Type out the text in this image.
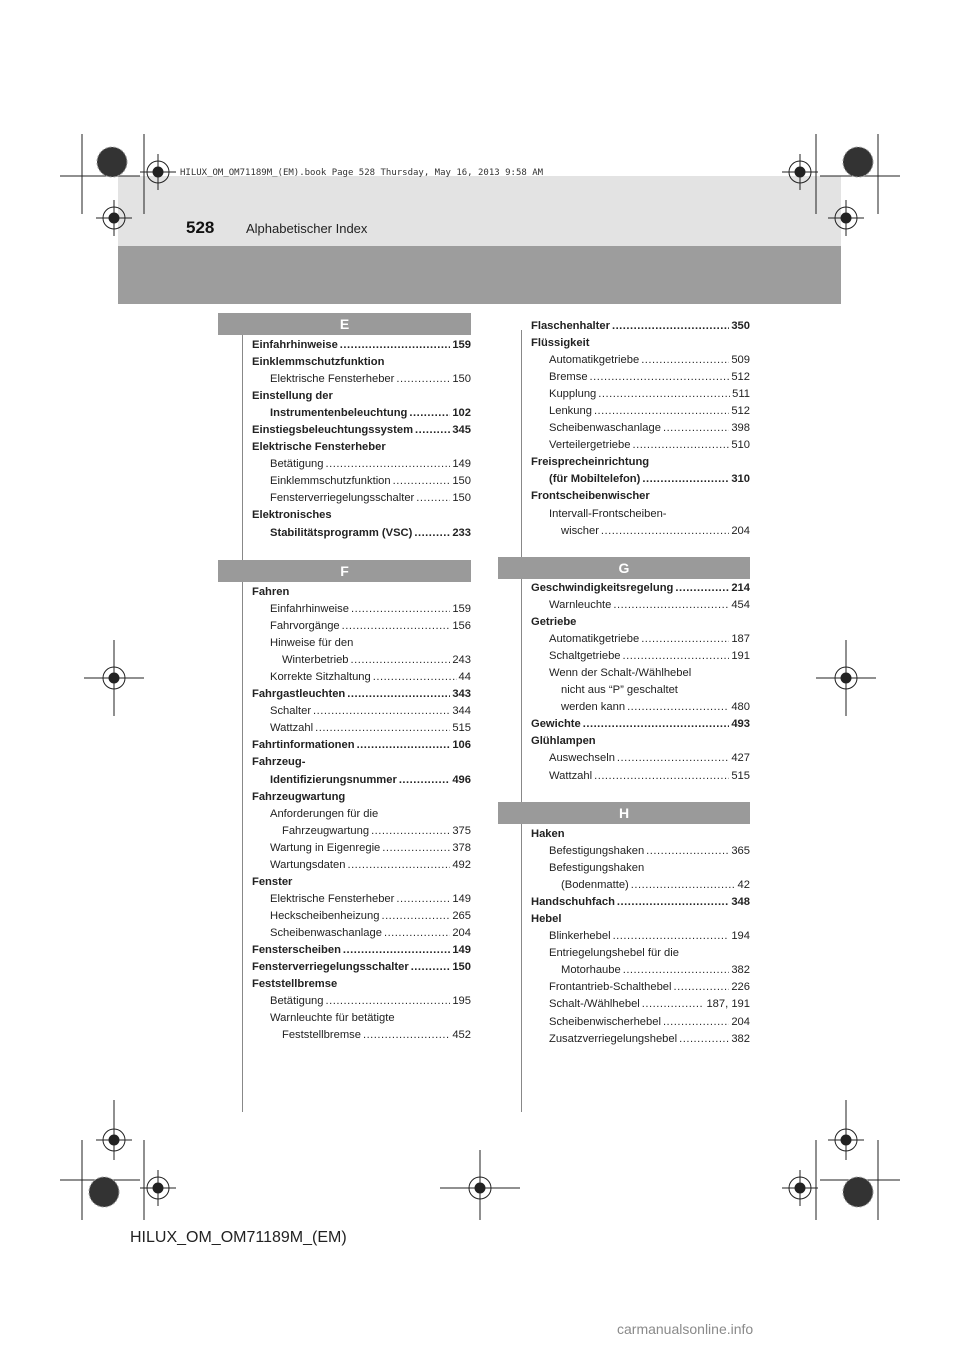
528 Alphabetischer Index
HILUX_OM_OM71189M_(EM).book Page 528 Thursday, May 16, 2013 9:58 AM
E
Einfahrhinweise .....	159
Einklemmschutzfunktion
Elektrische Fensterheber .....	150
Einstellung der
Instrumentenbeleuchtung .....	102
Einstiegsbeleuchtungssystem .....	345
Elektrische Fensterheber
Betätigung .....	149
Einklemmschutzfunktion .....	150
Fensterverriegelungsschalter .....	150
Elektronisches
Stabilitätsprogramm (VSC) .....	233
F
Fahren
Einfahrhinweise .....	159
Fahrvorgänge .....	156
Hinweise für den
Winterbetrieb .....	243
Korrekte Sitzhaltung .....	44
Fahrgastleuchten .....	343
Schalter .....	344
Wattzahl .....	515
Fahrtinformationen .....	106
Fahrzeug-
Identifizierungsnummer .....	496
Fahrzeugwartung
Anforderungen für die
Fahrzeugwartung .....	375
Wartung in Eigenregie .....	378
Wartungsdaten .....	492
Fenster
Elektrische Fensterheber .....	149
Heckscheibenheizung .....	265
Scheibenwaschanlage .....	204
Fensterscheiben .....	149
Fensterverriegelungsschalter .....	150
Feststellbremse
Betätigung .....	195
Warnleuchte für betätigte
Feststellbremse .....	452
Flaschenhalter .....	350
Flüssigkeit
Automatikgetriebe .....	509
Bremse .....	512
Kupplung .....	511
Lenkung .....	512
Scheibenwaschanlage .....	398
Verteilergetriebe .....	510
Freisprecheinrichtung
(für Mobiltelefon) .....	310
Frontscheibenwischer
Intervall-Frontscheiben-
wischer .....	204
G
Geschwindigkeitsregelung .....	214
Warnleuchte .....	454
Getriebe
Automatikgetriebe .....	187
Schaltgetriebe .....	191
Wenn der Schalt-/Wählhebel
nicht aus “P” geschaltet
werden kann .....	480
Gewichte .....	493
Glühlampen
Auswechseln .....	427
Wattzahl .....	515
H
Haken
Befestigungshaken .....	365
Befestigungshaken
(Bodenmatte) .....	42
Handschuhfach .....	348
Hebel
Blinkerhebel .....	194
Entriegelungshebel für die
Motorhaube .....	382
Frontantrieb-Schalthebel .....	226
Schalt-/Wählhebel .....	187, 191
Scheibenwischerhebel .....	204
Zusatzverriegelungshebel .....	382
HILUX_OM_OM71189M_(EM)
carmanualsonline.info
